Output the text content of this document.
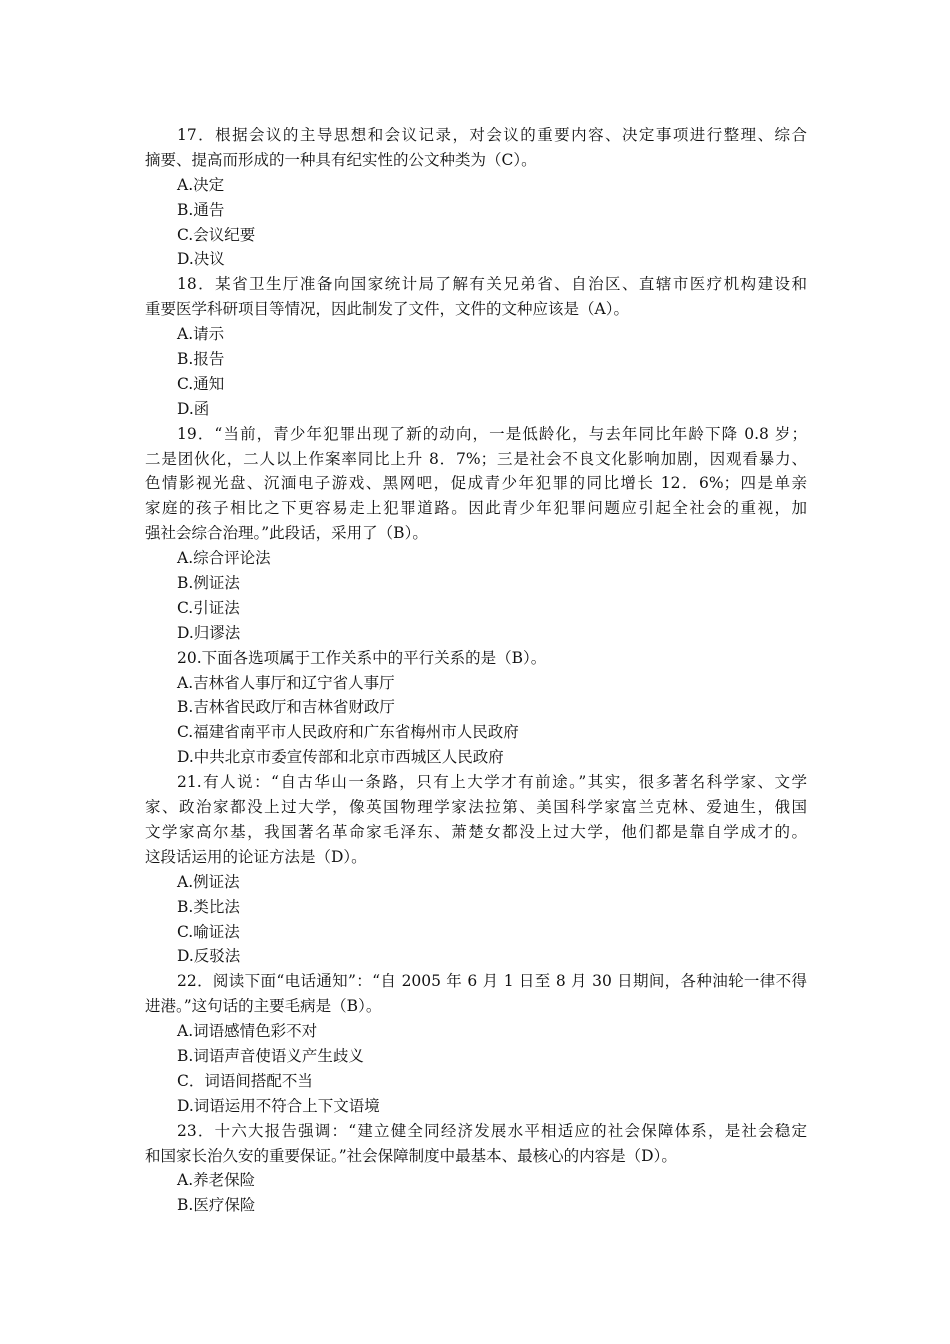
17．根据会议的主导思想和会议记录，对会议的重要内容、决定事项进行整理、综合
摘要、提高而形成的一种具有纪实性的公文种类为（C）。
A.决定
B.通告
C.会议纪要
D.决议
18．某省卫生厅准备向国家统计局了解有关兄弟省、自治区、直辖市医疗机构建设和
重要医学科研项目等情况，因此制发了文件，文件的文种应该是（A）。
A.请示
B.报告
C.通知
D.函
19．“当前，青少年犯罪出现了新的动向，一是低龄化，与去年同比年龄下降 0.8 岁；
二是团伙化，二人以上作案率同比上升 8．7%；三是社会不良文化影响加剧，因观看暴力、
色情影视光盘、沉湎电子游戏、黑网吧，促成青少年犯罪的同比增长 12．6%；四是单亲
家庭的孩子相比之下更容易走上犯罪道路。因此青少年犯罪问题应引起全社会的重视，加
强社会综合治理。”此段话，采用了（B）。
A.综合评论法
B.例证法
C.引证法
D.归谬法
20.下面各选项属于工作关系中的平行关系的是（B）。
A.吉林省人事厅和辽宁省人事厅
B.吉林省民政厅和吉林省财政厅
C.福建省南平市人民政府和广东省梅州市人民政府
D.中共北京市委宣传部和北京市西城区人民政府
21.有人说：“自古华山一条路，只有上大学才有前途。”其实，很多著名科学家、文学
家、政治家都没上过大学，像英国物理学家法拉第、美国科学家富兰克林、爱迪生，俄国
文学家高尔基，我国著名革命家毛泽东、萧楚女都没上过大学，他们都是靠自学成才的。
这段话运用的论证方法是（D）。
A.例证法
B.类比法
C.喻证法
D.反驳法
22．阅读下面“电话通知”：“自 2005 年 6 月 1 日至 8 月 30 日期间，各种油轮一律不得
进港。”这句话的主要毛病是（B）。
A.词语感情色彩不对
B.词语声音使语义产生歧义
C．词语间搭配不当
D.词语运用不符合上下文语境
23．十六大报告强调：“建立健全同经济发展水平相适应的社会保障体系，是社会稳定
和国家长治久安的重要保证。”社会保障制度中最基本、最核心的内容是（D）。
A.养老保险
B.医疗保险
